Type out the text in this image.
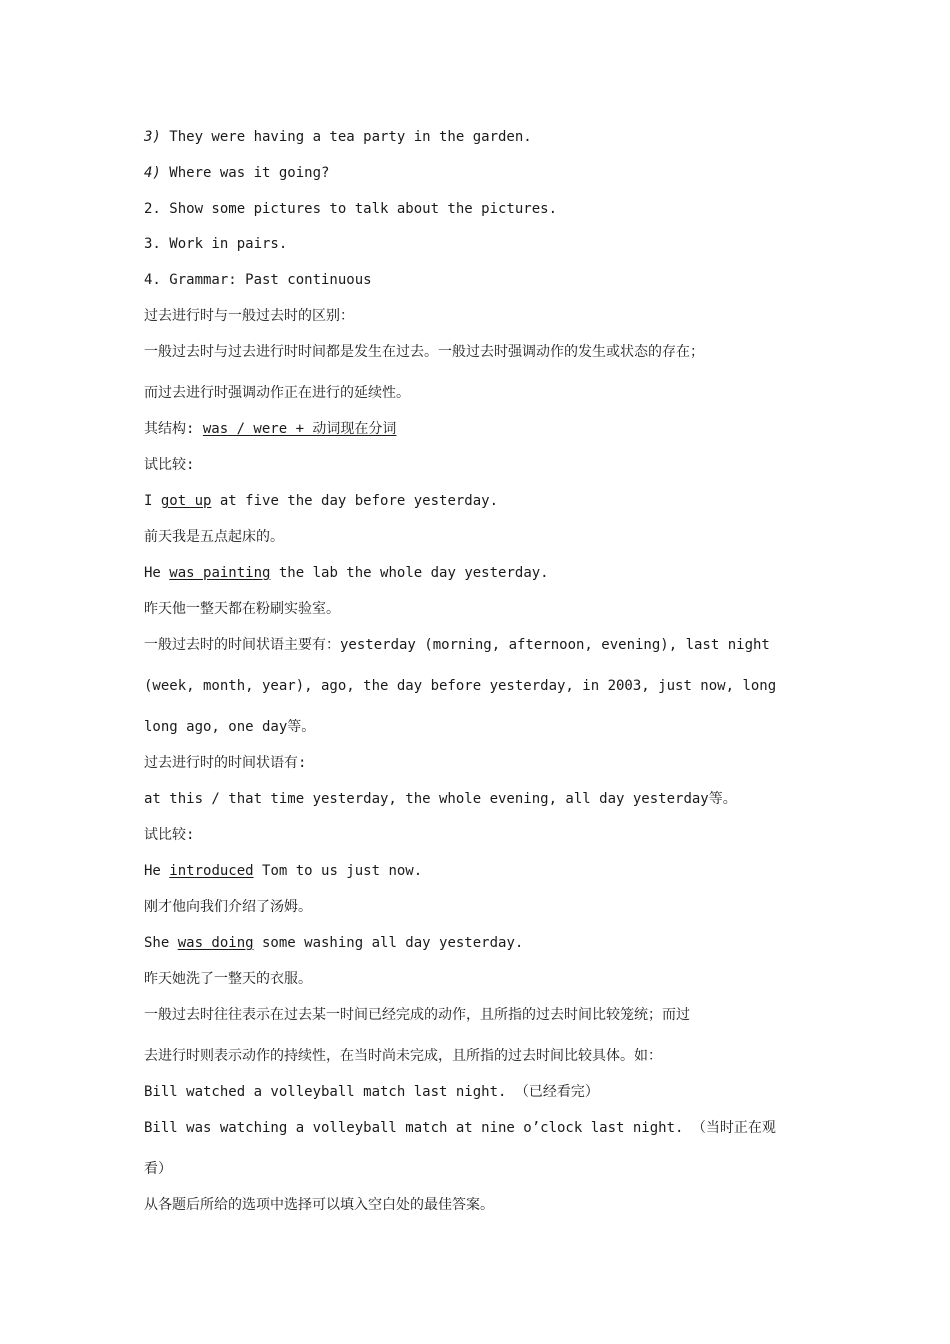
3) They were having a tea party in the garden.
4) Where was it going?
2. Show some pictures to talk about the pictures.
3. Work in pairs.
4. Grammar: Past continuous
过去进行时与一般过去时的区别：
一般过去时与过去进行时时间都是发生在过去。一般过去时强调动作的发生或状态的存在；
而过去进行时强调动作正在进行的延续性。
其结构: was / were + 动词现在分词
试比较:
I got up at five the day before yesterday.
前天我是五点起床的。
He was painting the lab the whole day yesterday.
昨天他一整天都在粉刷实验室。
一般过去时的时间状语主要有：yesterday (morning, afternoon, evening), last night
(week, month, year), ago, the day before yesterday, in 2003, just now, long
long ago, one day等。
过去进行时的时间状语有:
at this / that time yesterday, the whole evening, all day yesterday等。
试比较:
He introduced Tom to us just now.
刚才他向我们介绍了汤姆。
She was doing some washing all day yesterday.
昨天她洗了一整天的衣服。
一般过去时往往表示在过去某一时间已经完成的动作，且所指的过去时间比较笼统；而过
去进行时则表示动作的持续性，在当时尚未完成，且所指的过去时间比较具体。如：
Bill watched a volleyball match last night. （已经看完）
Bill was watching a volleyball match at nine o’clock last night. （当时正在观
看）
从各题后所给的选项中选择可以填入空白处的最佳答案。
